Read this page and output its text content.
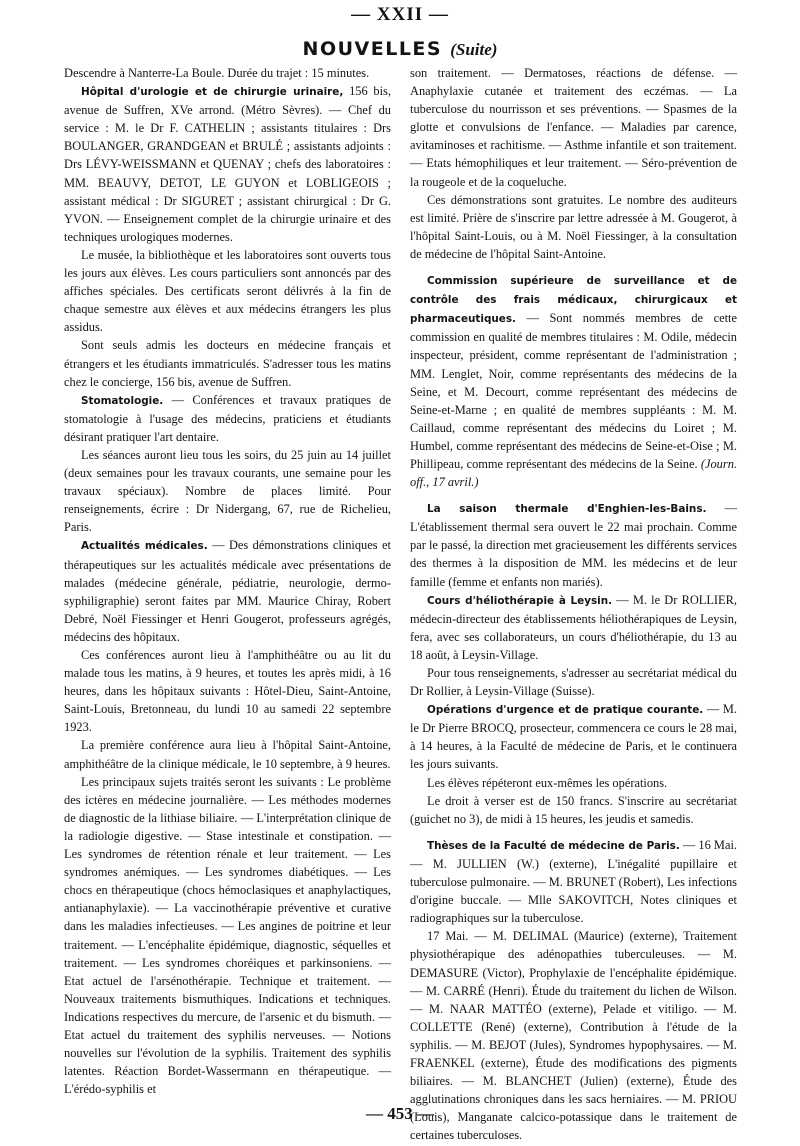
— XXII —
NOUVELLES (Suite)

Descendre à Nanterre-La Boule. Durée du trajet : 15 minutes.

Hôpital d'urologie et de chirurgie urinaire, 156 bis, avenue de Suffren, XVe arrond. (Métro Sèvres). — Chef du service : M. le Dr F. CATHELIN ; assistants titulaires : Drs BOULANGER, GRANDGEAN et BRULÉ ; assistants adjoints : Drs LÉVY-WEISSMANN et QUENAY ; chefs des laboratoires : MM. BEAUVY, DETOT, LE GUYON et LOBLIGEOIS ; assistant médical : Dr SIGURET ; assistant chirurgical : Dr G. YVON. — Enseignement complet de la chirurgie urinaire et des techniques urologiques modernes.

Le musée, la bibliothèque et les laboratoires sont ouverts tous les jours aux élèves. Les cours particuliers sont annoncés par des affiches spéciales. Des certificats seront délivrés à la fin de chaque semestre aux élèves et aux médecins étrangers les plus assidus.

Sont seuls admis les docteurs en médecine français et étrangers et les étudiants immatriculés. S'adresser tous les matins chez le concierge, 156 bis, avenue de Suffren.

Stomatologie. — Conférences et travaux pratiques de stomatologie à l'usage des médecins, praticiens et étudiants désirant pratiquer l'art dentaire.

Les séances auront lieu tous les soirs, du 25 juin au 14 juillet (deux semaines pour les travaux courants, une semaine pour les travaux spéciaux). Nombre de places limité. Pour renseignements, écrire : Dr Nidergang, 67, rue de Richelieu, Paris.

Actualités médicales. — Des démonstrations cliniques et thérapeutiques sur les actualités médicale avec présentations de malades (médecine générale, pédiatrie, neurologie, dermo-syphiligraphie) seront faites par MM. Maurice Chiray, Robert Debré, Noël Fiessinger et Henri Gougerot, professeurs agrégés, médecins des hôpitaux.

Ces conférences auront lieu à l'amphithéâtre ou au lit du malade tous les matins, à 9 heures, et toutes les après midi, à 16 heures, dans les hôpitaux suivants : Hôtel-Dieu, Saint-Antoine, Saint-Louis, Bretonneau, du lundi 10 au samedi 22 septembre 1923.

La première conférence aura lieu à l'hôpital Saint-Antoine, amphithéâtre de la clinique médicale, le 10 septembre, à 9 heures.

Les principaux sujets traités seront les suivants : Le problème des ictères en médecine journalière. — Les méthodes modernes de diagnostic de la lithiase biliaire. — L'interprétation clinique de la radiologie digestive. — Stase intestinale et constipation. — Les syndromes de rétention rénale et leur traitement. — Les syndromes anémiques. — Les syndromes diabétiques. — Les chocs en thérapeutique (chocs hémoclasiques et anaphylactiques, antianaphylaxie). — La vaccinothérapie préventive et curative dans les maladies infectieuses. — Les angines de poitrine et leur traitement. — L'encéphalite épidémique, diagnostic, séquelles et traitement. — Les syndromes choréiques et parkinsoniens. — Etat actuel de l'arsénothérapie. Technique et traitement. — Nouveaux traitements bismuthiques. Indications et techniques. Indications respectives du mercure, de l'arsenic et du bismuth. — Etat actuel du traitement des syphilis nerveuses. — Notions nouvelles sur l'évolution de la syphilis. Traitement des syphilis latentes. Réaction Bordet-Wassermann en thérapeutique. — L'érédo-syphilis et

son traitement. — Dermatoses, réactions de défense. — Anaphylaxie cutanée et traitement des eczémas. — La tuberculose du nourrisson et ses préventions. — Spasmes de la glotte et convulsions de l'enfance. — Maladies par carence, avitaminoses et rachitisme. — Asthme infantile et son traitement. — Etats hémophiliques et leur traitement. — Séro-prévention de la rougeole et de la coqueluche.

Ces démonstrations sont gratuites. Le nombre des auditeurs est limité. Prière de s'inscrire par lettre adressée à M. Gougerot, à l'hôpital Saint-Louis, ou à M. Noël Fiessinger, à la consultation de médecine de l'hôpital Saint-Antoine.

Commission supérieure de surveillance et de contrôle des frais médicaux, chirurgicaux et pharmaceutiques. — Sont nommés membres de cette commission en qualité de membres titulaires : M. Odile, médecin inspecteur, président, comme représentant de l'administration ; MM. Lenglet, Noir, comme représentants des médecins de la Seine, et M. Decourt, comme représentant des médecins de Seine-et-Marne ; en qualité de membres suppléants : M. M. Caillaud, comme représentant des médecins du Loiret ; M. Humbel, comme représentant des médecins de Seine-et-Oise ; M. Phillipeau, comme représentant des médecins de la Seine. (Journ. off., 17 avril.)

La saison thermale d'Enghien-les-Bains. — L'établissement thermal sera ouvert le 22 mai prochain. Comme par le passé, la direction met gracieusement les différents services des thermes à la disposition de MM. les médecins et de leur famille (femme et enfants non mariés).

Cours d'héliothérapie à Leysin. — M. le Dr ROLLIER, médecin-directeur des établissements héliothérapiques de Leysin, fera, avec ses collaborateurs, un cours d'héliothérapie, du 13 au 18 août, à Leysin-Village.

Pour tous renseignements, s'adresser au secrétariat médical du Dr Rollier, à Leysin-Village (Suisse).

Opérations d'urgence et de pratique courante. — M. le Dr Pierre BROCQ, prosecteur, commencera ce cours le 28 mai, à 14 heures, à la Faculté de médecine de Paris, et le continuera les jours suivants.

Les élèves répéteront eux-mêmes les opérations.

Le droit à verser est de 150 francs. S'inscrire au secrétariat (guichet no 3), de midi à 15 heures, les jeudis et samedis.

Thèses de la Faculté de médecine de Paris. — 16 Mai. — M. JULLIEN (W.) (externe), L'inégalité pupillaire et tuberculose pulmonaire. — M. BRUNET (Robert), Les infections d'origine buccale. — Mlle SAKOVITCH, Notes cliniques et radiographiques sur la tuberculose.

17 Mai. — M. DELIMAL (Maurice) (externe), Traitement physiothérapique des adénopathies tuberculeuses. — M. DEMASURE (Victor), Prophylaxie de l'encéphalite épidémique. — M. CARRÉ (Henri). Étude du traitement du lichen de Wilson. — M. NAAR MATTÉO (externe), Pelade et vitiligo. — M. COLLETTE (René) (externe), Contribution à l'étude de la syphilis. — M. BEJOT (Jules), Syndromes hypophysaires. — M. FRAENKEL (externe), Étude des modifications des pigments biliaires. — M. BLANCHET (Julien) (externe), Étude des agglutinations chroniques dans les sacs herniaires. — M. PRIOU (Louis), Manganate calcico-potassique dans le traitement de certaines tuberculoses.

— 453 —
